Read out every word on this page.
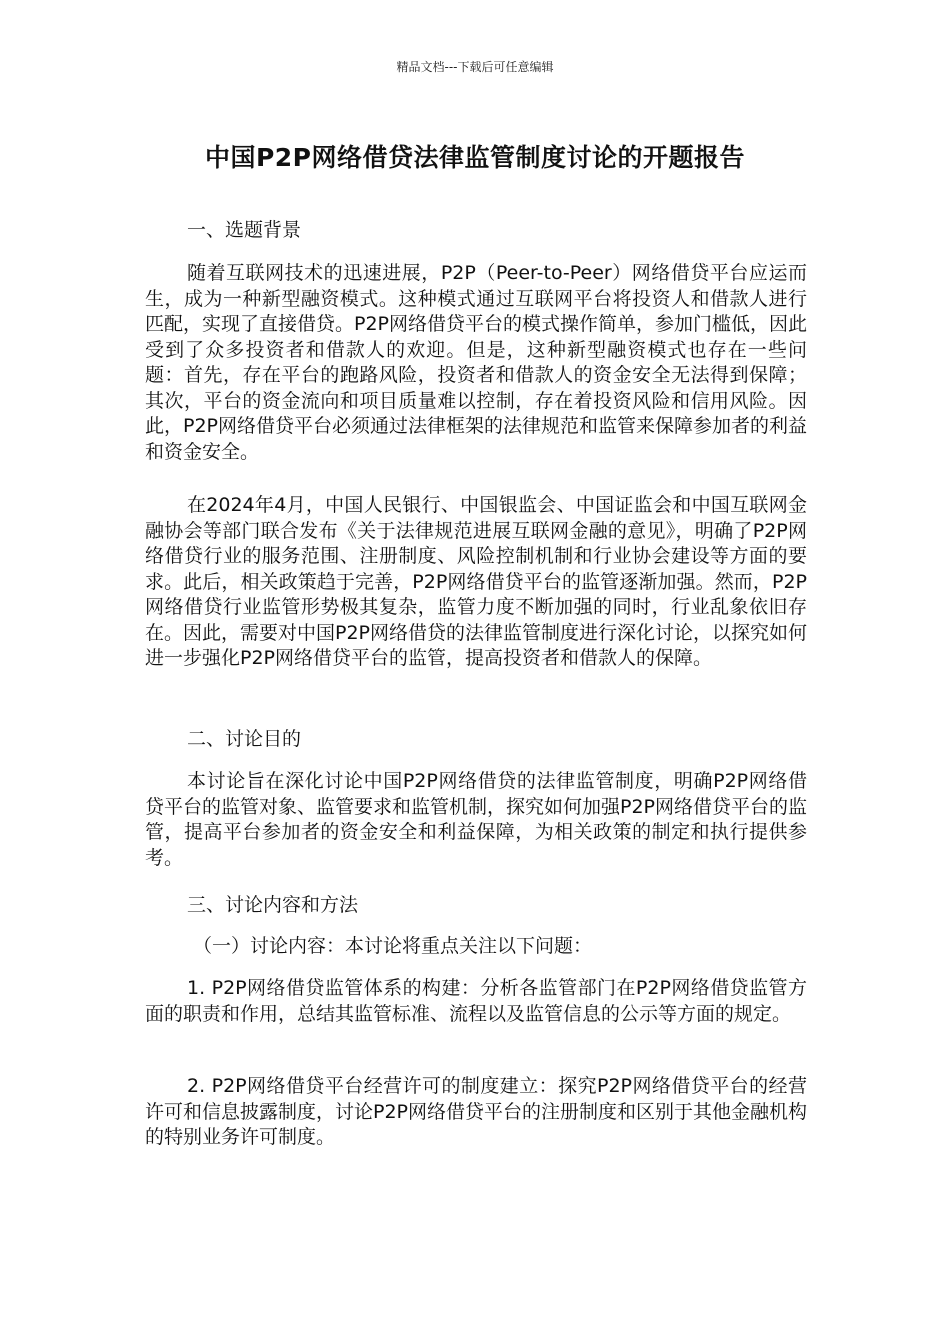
精品文档---下载后可任意编辑
中国P2P网络借贷法律监管制度讨论的开题报告
一、选题背景

随着互联网技术的迅速进展，P2P（Peer-to-Peer）网络借贷平台应运而生，成为一种新型融资模式。这种模式通过互联网平台将投资人和借款人进行匹配，实现了直接借贷。P2P网络借贷平台的模式操作简单，参加门槛低，因此受到了众多投资者和借款人的欢迎。但是，这种新型融资模式也存在一些问题：首先，存在平台的跑路风险，投资者和借款人的资金安全无法得到保障；其次，平台的资金流向和项目质量难以控制，存在着投资风险和信用风险。因此，P2P网络借贷平台必须通过法律框架的法律规范和监管来保障参加者的利益和资金安全。

在2024年4月，中国人民银行、中国银监会、中国证监会和中国互联网金融协会等部门联合发布《关于法律规范进展互联网金融的意见》，明确了P2P网络借贷行业的服务范围、注册制度、风险控制机制和行业协会建设等方面的要求。此后，相关政策趋于完善，P2P网络借贷平台的监管逐渐加强。然而，P2P网络借贷行业监管形势极其复杂，监管力度不断加强的同时，行业乱象依旧存在。因此，需要对中国P2P网络借贷的法律监管制度进行深化讨论，以探究如何进一步强化P2P网络借贷平台的监管，提高投资者和借款人的保障。

二、讨论目的

本讨论旨在深化讨论中国P2P网络借贷的法律监管制度，明确P2P网络借贷平台的监管对象、监管要求和监管机制，探究如何加强P2P网络借贷平台的监管，提高平台参加者的资金安全和利益保障，为相关政策的制定和执行提供参考。

三、讨论内容和方法
（一）讨论内容：本讨论将重点关注以下问题：

1. P2P网络借贷监管体系的构建：分析各监管部门在P2P网络借贷监管方面的职责和作用，总结其监管标准、流程以及监管信息的公示等方面的规定。

2. P2P网络借贷平台经营许可的制度建立：探究P2P网络借贷平台的经营许可和信息披露制度，讨论P2P网络借贷平台的注册制度和区别于其他金融机构的特别业务许可制度。
